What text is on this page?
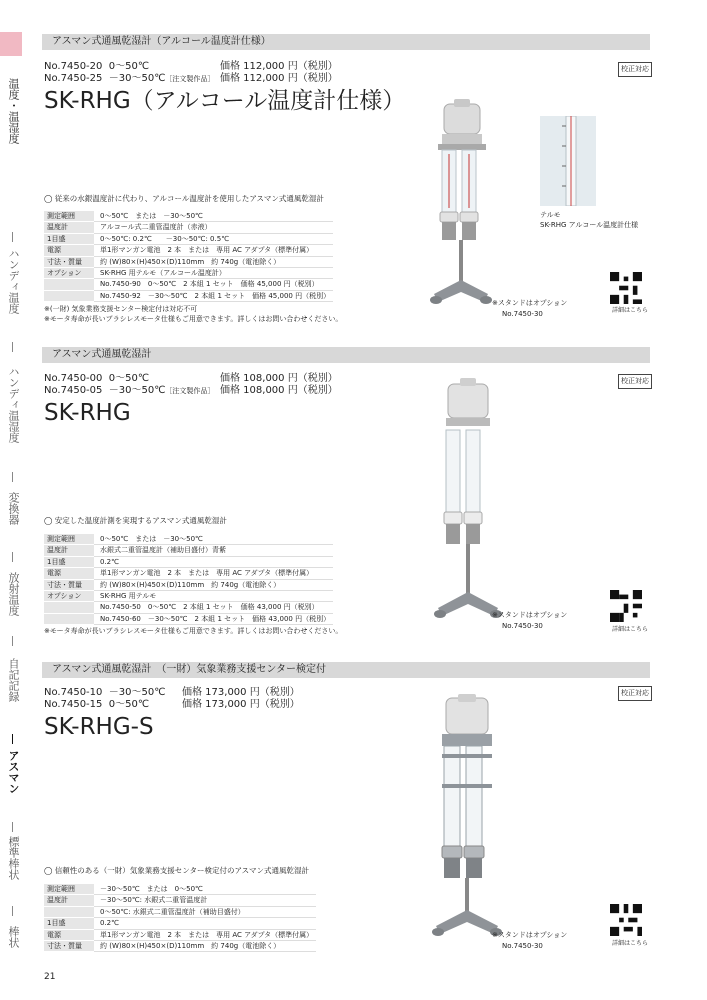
温度・温湿度
ハンディ温度
ハンディ温湿度
変換器
放射温度
自記記録
アスマン
標準棒状
棒状
アスマン式通風乾湿計（アルコール温度計仕様）
No.7450-20 0～50℃	価格 112,000 円（税別）
No.7450-25 －30～50℃［注文製作品］ 価格 112,000 円（税別）
SK-RHG（アルコール温度計仕様）
校正対応
テルモ
SK-RHG アルコール温度計仕様
◯ 従来の水銀温度計に代わり、アルコール温度計を使用したアスマン式通風乾湿計
測定範囲	0～50℃　または　－30～50℃
温度計	アルコール式二重管温度計（赤液）
1目盛	0～50℃: 0.2℃　　－30～50℃: 0.5℃
電源	単1形マンガン電池　2 本　または　専用 AC アダプタ（標準付属）
寸法・質量	約 (W)80×(H)450×(D)110mm　約 740g（電池除く）
オプション	SK-RHG 用テルモ（アルコール温度計）
	No.7450-90　0～50℃　2 本組 1 セット　価格 45,000 円（税別）
	No.7450-92　－30～50℃　2 本組 1 セット　価格 45,000 円（税別）
※(一財) 気象業務支援センター検定付は対応不可
※モータ寿命が長いブラシレスモータ仕様もご用意できます。詳しくはお問い合わせください。
※スタンドはオプション
No.7450-30	詳細はこちら
アスマン式通風乾湿計
No.7450-00 0～50℃	価格 108,000 円（税別）
No.7450-05 －30～50℃［注文製作品］ 価格 108,000 円（税別）
SK-RHG
校正対応
◯ 安定した温度計測を実現するアスマン式通風乾湿計
測定範囲	0～50℃　または　－30～50℃
温度計	水銀式二重管温度計（補助目盛付）青紫
1目盛	0.2℃
電源	単1形マンガン電池　2 本　または　専用 AC アダプタ（標準付属）
寸法・質量	約 (W)80×(H)450×(D)110mm　約 740g（電池除く）
オプション	SK-RHG 用テルモ
	No.7450-50　0～50℃　2 本組 1 セット　価格 43,000 円（税別）
	No.7450-60　－30～50℃　2 本組 1 セット　価格 43,000 円（税別）
※モータ寿命が長いブラシレスモータ仕様もご用意できます。詳しくはお問い合わせください。
※スタンドはオプション
No.7450-30	詳細はこちら
アスマン式通風乾湿計　（一財）気象業務支援センター検定付
No.7450-10 －30～50℃ 価格 173,000 円（税別）
No.7450-15 0～50℃	価格 173,000 円（税別）
SK-RHG-S
校正対応
◯ 信頼性のある（一財）気象業務支援センター検定付のアスマン式通風乾湿計
測定範囲	－30～50℃　または　0～50℃
温度計	－30～50℃: 水銀式二重管温度計
	0～50℃: 水銀式二重管温度計（補助目盛付）
1目盛	0.2℃
電源	単1形マンガン電池　2 本　または　専用 AC アダプタ（標準付属）
寸法・質量	約 (W)80×(H)450×(D)110mm　約 740g（電池除く）
※スタンドはオプション
No.7450-30	詳細はこちら
21
